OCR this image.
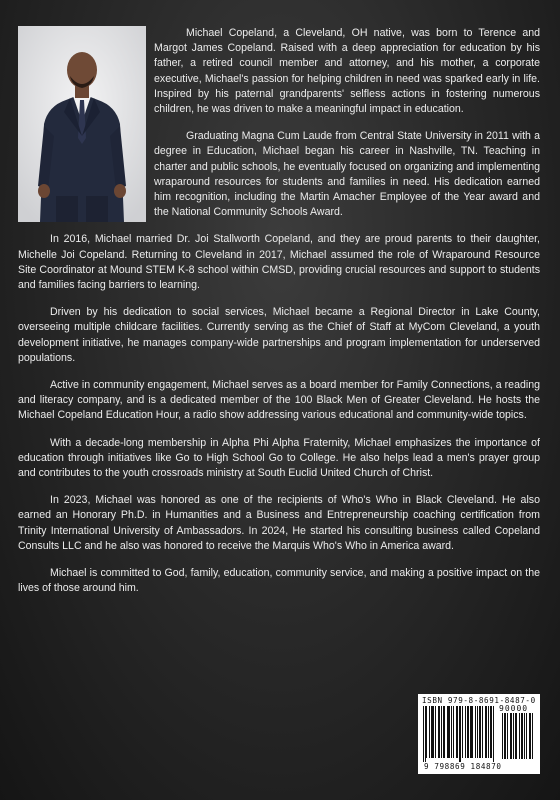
Michael Copeland, a Cleveland, OH native, was born to Terence and Margot James Copeland. Raised with a deep appreciation for education by his father, a retired council member and attorney, and his mother, a corporate executive, Michael's passion for helping children in need was sparked early in life. Inspired by his paternal grandparents' selfless actions in fostering numerous children, he was driven to make a meaningful impact in education.

Graduating Magna Cum Laude from Central State University in 2011 with a degree in Education, Michael began his career in Nashville, TN. Teaching in charter and public schools, he eventually focused on organizing and implementing wraparound resources for students and families in need. His dedication earned him recognition, including the Martin Amacher Employee of the Year award and the National Community Schools Award.

In 2016, Michael married Dr. Joi Stallworth Copeland, and they are proud parents to their daughter, Michelle Joi Copeland. Returning to Cleveland in 2017, Michael assumed the role of Wraparound Resource Site Coordinator at Mound STEM K-8 school within CMSD, providing crucial resources and support to students and families facing barriers to learning.

Driven by his dedication to social services, Michael became a Regional Director in Lake County, overseeing multiple childcare facilities. Currently serving as the Chief of Staff at MyCom Cleveland, a youth development initiative, he manages company-wide partnerships and program implementation for underserved populations.

Active in community engagement, Michael serves as a board member for Family Connections, a reading and literacy company, and is a dedicated member of the 100 Black Men of Greater Cleveland. He hosts the Michael Copeland Education Hour, a radio show addressing various educational and community-wide topics.

With a decade-long membership in Alpha Phi Alpha Fraternity, Michael emphasizes the importance of education through initiatives like Go to High School Go to College. He also helps lead a men's prayer group and contributes to the youth crossroads ministry at South Euclid United Church of Christ.

In 2023, Michael was honored as one of the recipients of Who's Who in Black Cleveland. He also earned an Honorary Ph.D. in Humanities and a Business and Entrepreneurship coaching certification from Trinity International University of Ambassadors. In 2024, He started his consulting business called Copeland Consults LLC and he also was honored to receive the Marquis Who's Who in America award.

Michael is committed to God, family, education, community service, and making a positive impact on the lives of those around him.

ISBN 979-8-8691-8487-0
90000
9 798869 184870
